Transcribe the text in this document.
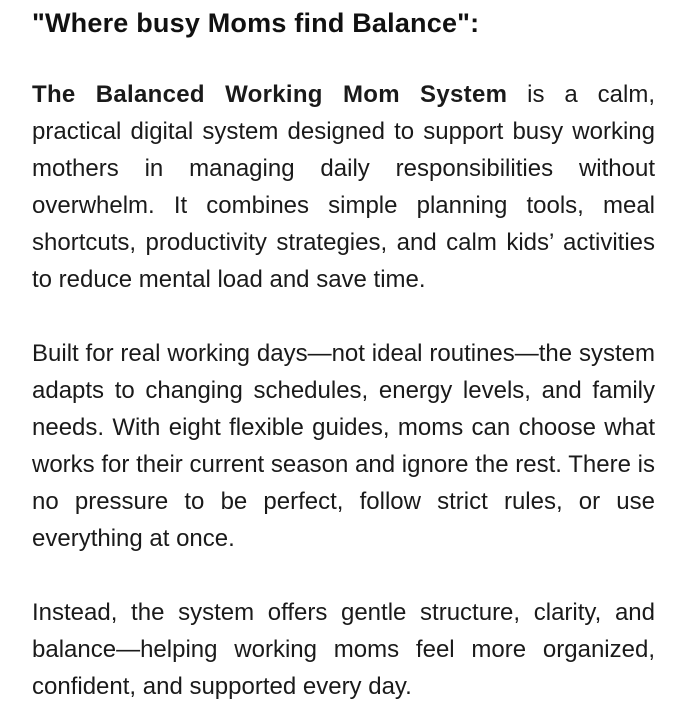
"Where busy Moms find Balance":

The Balanced Working Mom System is a calm, practical digital system designed to support busy working mothers in managing daily responsibilities without overwhelm. It combines simple planning tools, meal shortcuts, productivity strategies, and calm kids’ activities to reduce mental load and save time.

Built for real working days—not ideal routines—the system adapts to changing schedules, energy levels, and family needs. With eight flexible guides, moms can choose what works for their current season and ignore the rest. There is no pressure to be perfect, follow strict rules, or use everything at once.

Instead, the system offers gentle structure, clarity, and balance—helping working moms feel more organized, confident, and supported every day.
